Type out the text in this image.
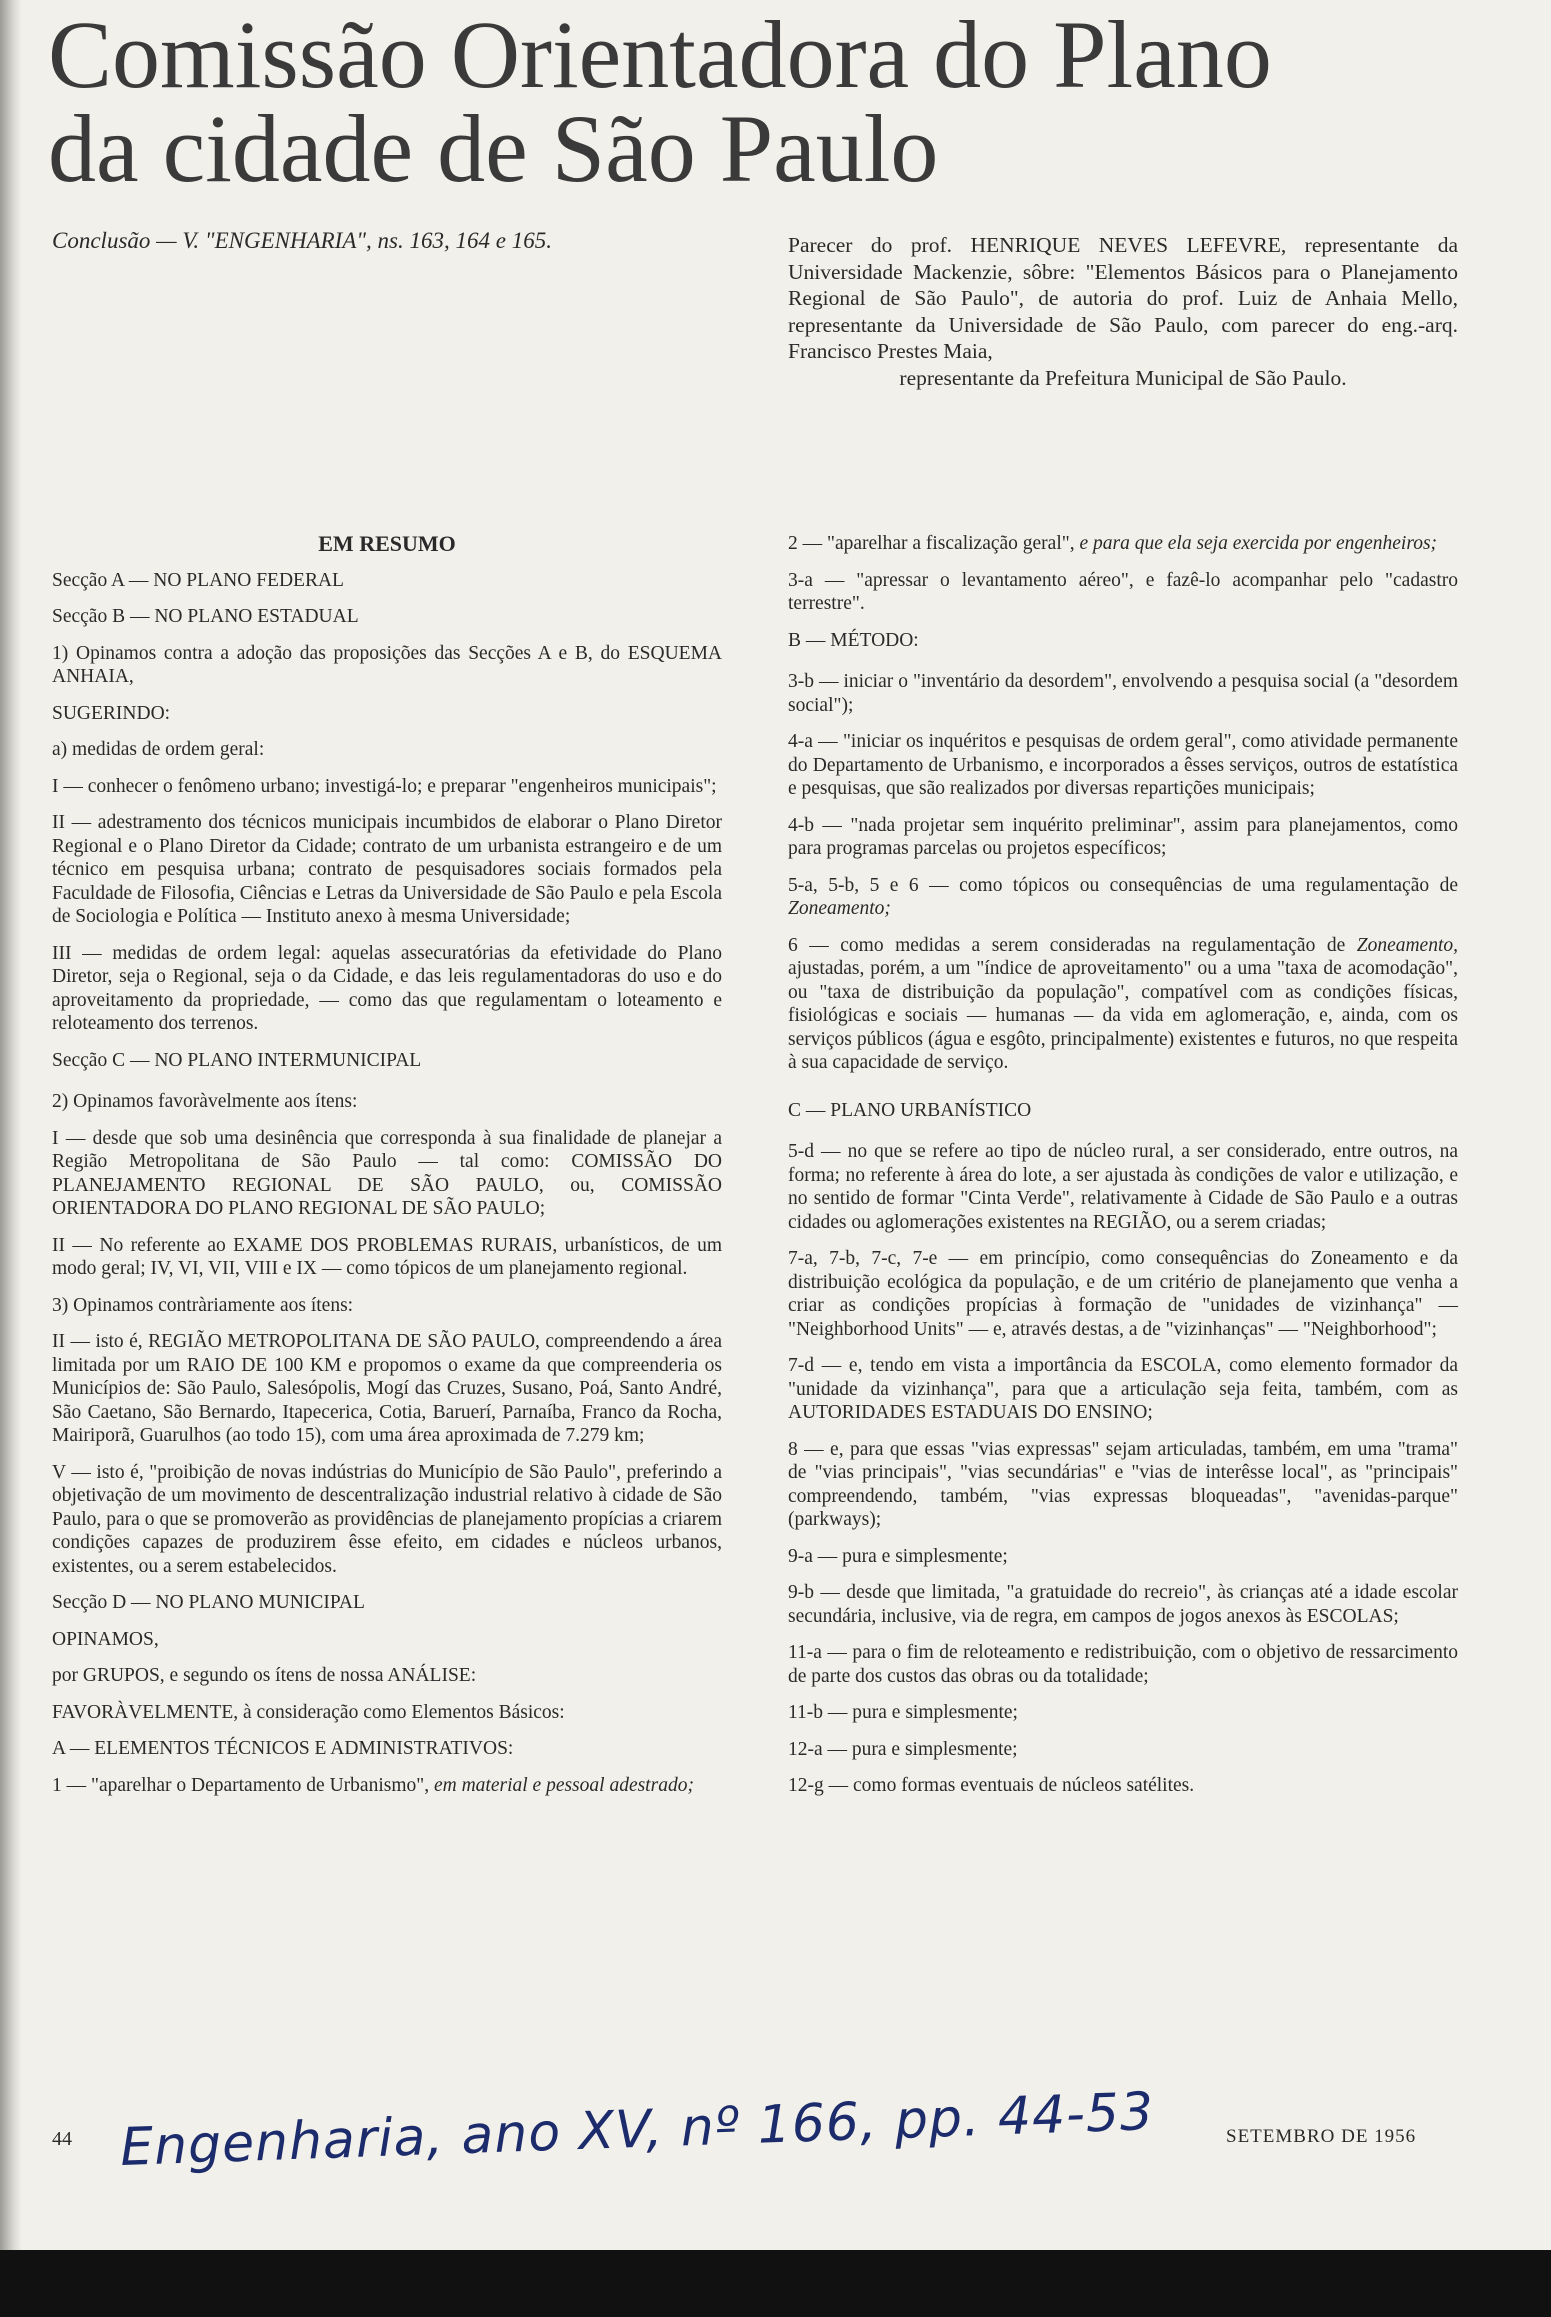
Comissão Orientadora do Plano
da cidade de São Paulo
Conclusão — V. "ENGENHARIA", ns. 163, 164 e 165.	Parecer do prof. HENRIQUE NEVES LEFEVRE, representante da Universidade Mackenzie, sôbre: "Elementos Básicos para o Planejamento Regional de São Paulo", de autoria do prof. Luiz de Anhaia Mello, representante da Universidade de São Paulo, com parecer do eng.-arq. Francisco Prestes Maia,

representante da Prefeitura Municipal de São Paulo.

EM RESUMO

Secção A — NO PLANO FEDERAL

Secção B — NO PLANO ESTADUAL

1) Opinamos contra a adoção das proposições das Secções A e B, do ESQUEMA ANHAIA,

SUGERINDO:

a) medidas de ordem geral:

I — conhecer o fenômeno urbano; investigá-lo; e preparar "engenheiros municipais";

II — adestramento dos técnicos municipais incumbidos de elaborar o Plano Diretor Regional e o Plano Diretor da Cidade; contrato de um urbanista estrangeiro e de um técnico em pesquisa urbana; contrato de pesquisadores sociais formados pela Faculdade de Filosofia, Ciências e Letras da Universidade de São Paulo e pela Escola de Sociologia e Política — Instituto anexo à mesma Universidade;

III — medidas de ordem legal: aquelas assecuratórias da efetividade do Plano Diretor, seja o Regional, seja o da Cidade, e das leis regulamentadoras do uso e do aproveitamento da propriedade, — como das que regulamentam o loteamento e reloteamento dos terrenos.

Secção C — NO PLANO INTERMUNICIPAL

2) Opinamos favoràvelmente aos ítens:

I — desde que sob uma desinência que corresponda à sua finalidade de planejar a Região Metropolitana de São Paulo — tal como: COMISSÃO DO PLANEJAMENTO REGIONAL DE SÃO PAULO, ou, COMISSÃO ORIENTADORA DO PLANO REGIONAL DE SÃO PAULO;

II — No referente ao EXAME DOS PROBLEMAS RURAIS, urbanísticos, de um modo geral; IV, VI, VII, VIII e IX — como tópicos de um planejamento regional.

3) Opinamos contràriamente aos ítens:

II — isto é, REGIÃO METROPOLITANA DE SÃO PAULO, compreendendo a área limitada por um RAIO DE 100 KM e propomos o exame da que compreenderia os Municípios de: São Paulo, Salesópolis, Mogí das Cruzes, Susano, Poá, Santo André, São Caetano, São Bernardo, Itapecerica, Cotia, Baruerí, Parnaíba, Franco da Rocha, Mairiporã, Guarulhos (ao todo 15), com uma área aproximada de 7.279 km;

V — isto é, "proibição de novas indústrias do Município de São Paulo", preferindo a objetivação de um movimento de descentralização industrial relativo à cidade de São Paulo, para o que se promoverão as providências de planejamento propícias a criarem condições capazes de produzirem êsse efeito, em cidades e núcleos urbanos, existentes, ou a serem estabelecidos.

Secção D — NO PLANO MUNICIPAL

OPINAMOS,

por GRUPOS, e segundo os ítens de nossa ANÁLISE:

FAVORÀVELMENTE, à consideração como Elementos Básicos:

A — ELEMENTOS TÉCNICOS E ADMINISTRATIVOS:

1 — "aparelhar o Departamento de Urbanismo", em material e pessoal adestrado;

2 — "aparelhar a fiscalização geral", e para que ela seja exercida por engenheiros;

3-a — "apressar o levantamento aéreo", e fazê-lo acompanhar pelo "cadastro terrestre".

B — MÉTODO:

3-b — iniciar o "inventário da desordem", envolvendo a pesquisa social (a "desordem social");

4-a — "iniciar os inquéritos e pesquisas de ordem geral", como atividade permanente do Departamento de Urbanismo, e incorporados a êsses serviços, outros de estatística e pesquisas, que são realizados por diversas repartições municipais;

4-b — "nada projetar sem inquérito preliminar", assim para planejamentos, como para programas parcelas ou projetos específicos;

5-a, 5-b, 5 e 6 — como tópicos ou consequências de uma regulamentação de Zoneamento;

6 — como medidas a serem consideradas na regulamentação de Zoneamento, ajustadas, porém, a um "índice de aproveitamento" ou a uma "taxa de acomodação", ou "taxa de distribuição da população", compatível com as condições físicas, fisiológicas e sociais — humanas — da vida em aglomeração, e, ainda, com os serviços públicos (água e esgôto, principalmente) existentes e futuros, no que respeita à sua capacidade de serviço.

C — PLANO URBANÍSTICO

5-d — no que se refere ao tipo de núcleo rural, a ser considerado, entre outros, na forma; no referente à área do lote, a ser ajustada às condições de valor e utilização, e no sentido de formar "Cinta Verde", relativamente à Cidade de São Paulo e a outras cidades ou aglomerações existentes na REGIÃO, ou a serem criadas;

7-a, 7-b, 7-c, 7-e — em princípio, como consequências do Zoneamento e da distribuição ecológica da população, e de um critério de planejamento que venha a criar as condições propícias à formação de "unidades de vizinhança" — "Neighborhood Units" — e, através destas, a de "vizinhanças" — "Neighborhood";

7-d — e, tendo em vista a importância da ESCOLA, como elemento formador da "unidade da vizinhança", para que a articulação seja feita, também, com as AUTORIDADES ESTADUAIS DO ENSINO;

8 — e, para que essas "vias expressas" sejam articuladas, também, em uma "trama" de "vias principais", "vias secundárias" e "vias de interêsse local", as "principais" compreendendo, também, "vias expressas bloqueadas", "avenidas-parque" (parkways);

9-a — pura e simplesmente;

9-b — desde que limitada, "a gratuidade do recreio", às crianças até a idade escolar secundária, inclusive, via de regra, em campos de jogos anexos às ESCOLAS;

11-a — para o fim de reloteamento e redistribuição, com o objetivo de ressarcimento de parte dos custos das obras ou da totalidade;

11-b — pura e simplesmente;

12-a — pura e simplesmente;

12-g — como formas eventuais de núcleos satélites.

44 Engenharia, ano XV, nº 166, pp. 44-53	SETEMBRO DE 1956
